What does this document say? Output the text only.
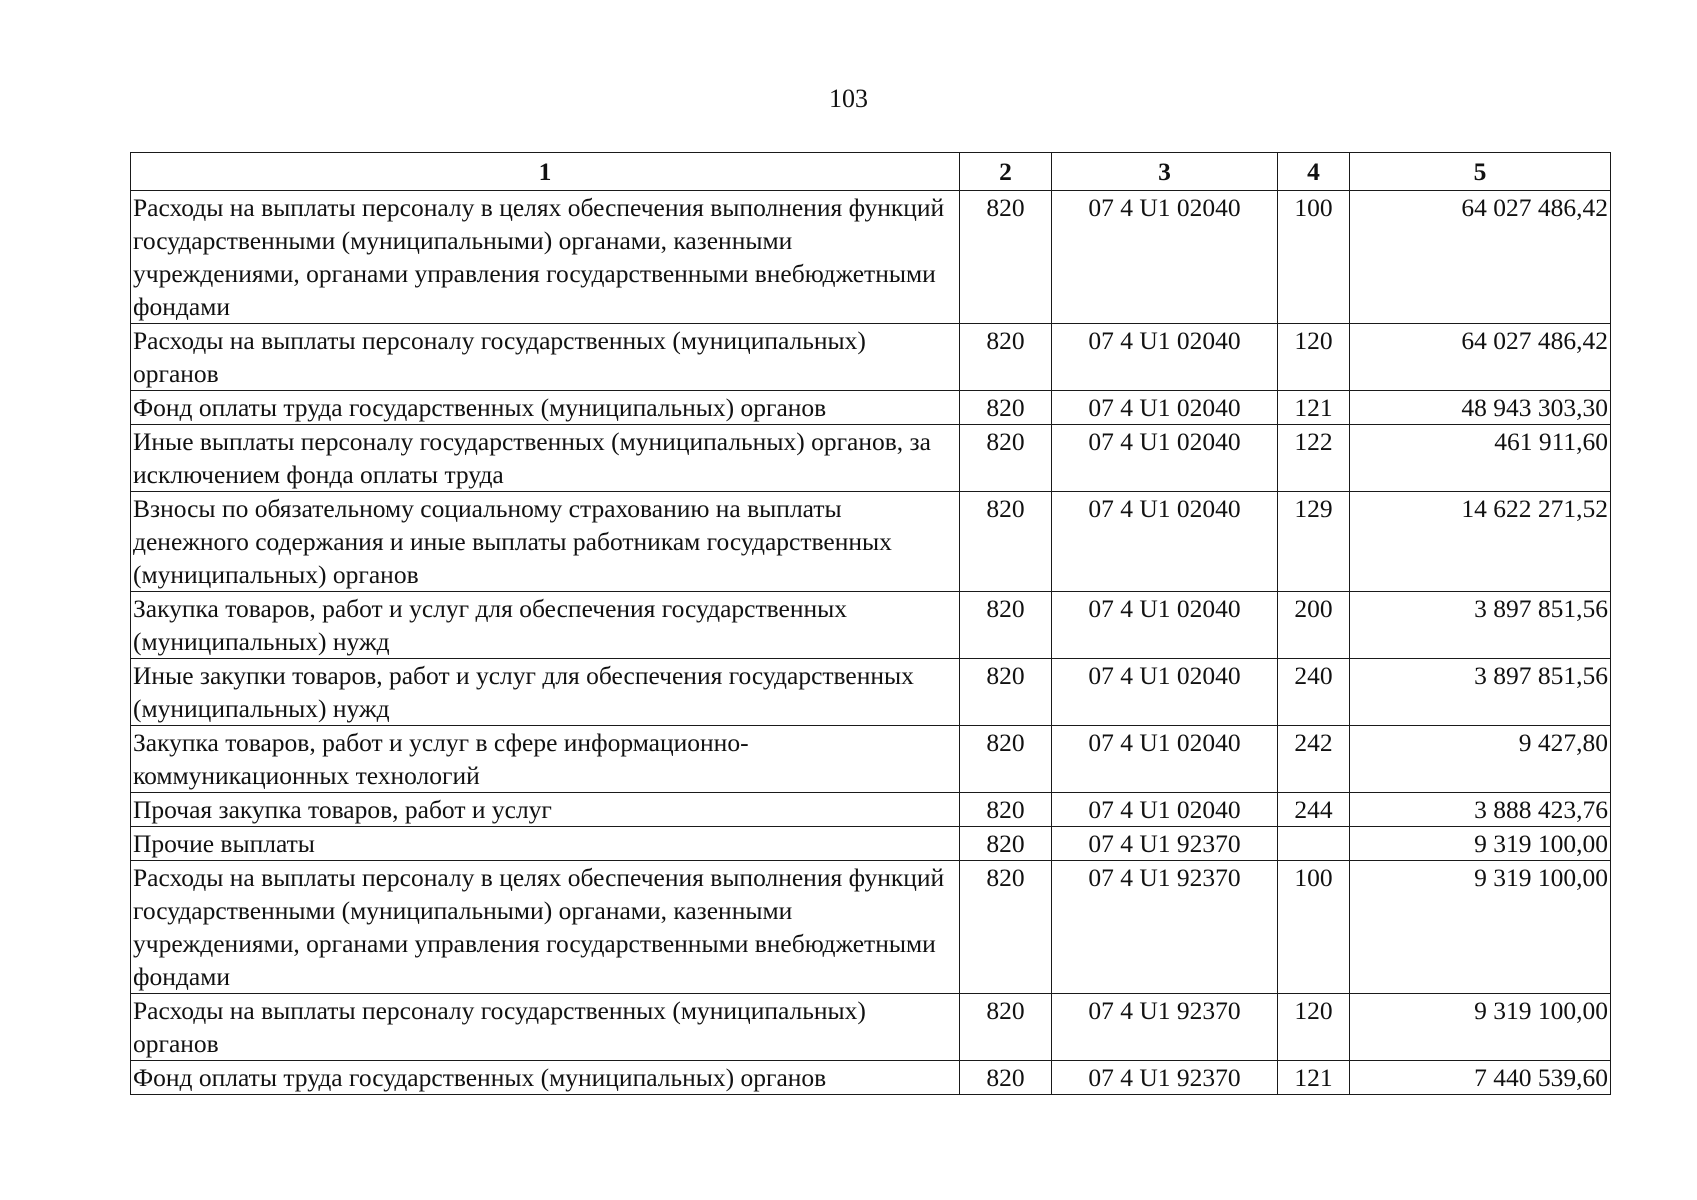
103
1	2	3	4	5
Расходы на выплаты персоналу в целях обеспечения выполнения функций государственными (муниципальными) органами, казенными учреждениями, органами управления государственными внебюджетными фондами	820	07 4 U1 02040	100	64 027 486,42
Расходы на выплаты персоналу государственных (муниципальных) органов	820	07 4 U1 02040	120	64 027 486,42
Фонд оплаты труда государственных (муниципальных) органов	820	07 4 U1 02040	121	48 943 303,30
Иные выплаты персоналу государственных (муниципальных) органов, за исключением фонда оплаты труда	820	07 4 U1 02040	122	461 911,60
Взносы по обязательному социальному страхованию на выплаты денежного содержания и иные выплаты работникам государственных (муниципальных) органов	820	07 4 U1 02040	129	14 622 271,52
Закупка товаров, работ и услуг для обеспечения государственных (муниципальных) нужд	820	07 4 U1 02040	200	3 897 851,56
Иные закупки товаров, работ и услуг для обеспечения государственных (муниципальных) нужд	820	07 4 U1 02040	240	3 897 851,56
Закупка товаров, работ и услуг в сфере информационно-коммуникационных технологий	820	07 4 U1 02040	242	9 427,80
Прочая закупка товаров, работ и услуг	820	07 4 U1 02040	244	3 888 423,76
Прочие выплаты	820	07 4 U1 92370		9 319 100,00
Расходы на выплаты персоналу в целях обеспечения выполнения функций государственными (муниципальными) органами, казенными учреждениями, органами управления государственными внебюджетными фондами	820	07 4 U1 92370	100	9 319 100,00
Расходы на выплаты персоналу государственных (муниципальных) органов	820	07 4 U1 92370	120	9 319 100,00
Фонд оплаты труда государственных (муниципальных) органов	820	07 4 U1 92370	121	7 440 539,60
